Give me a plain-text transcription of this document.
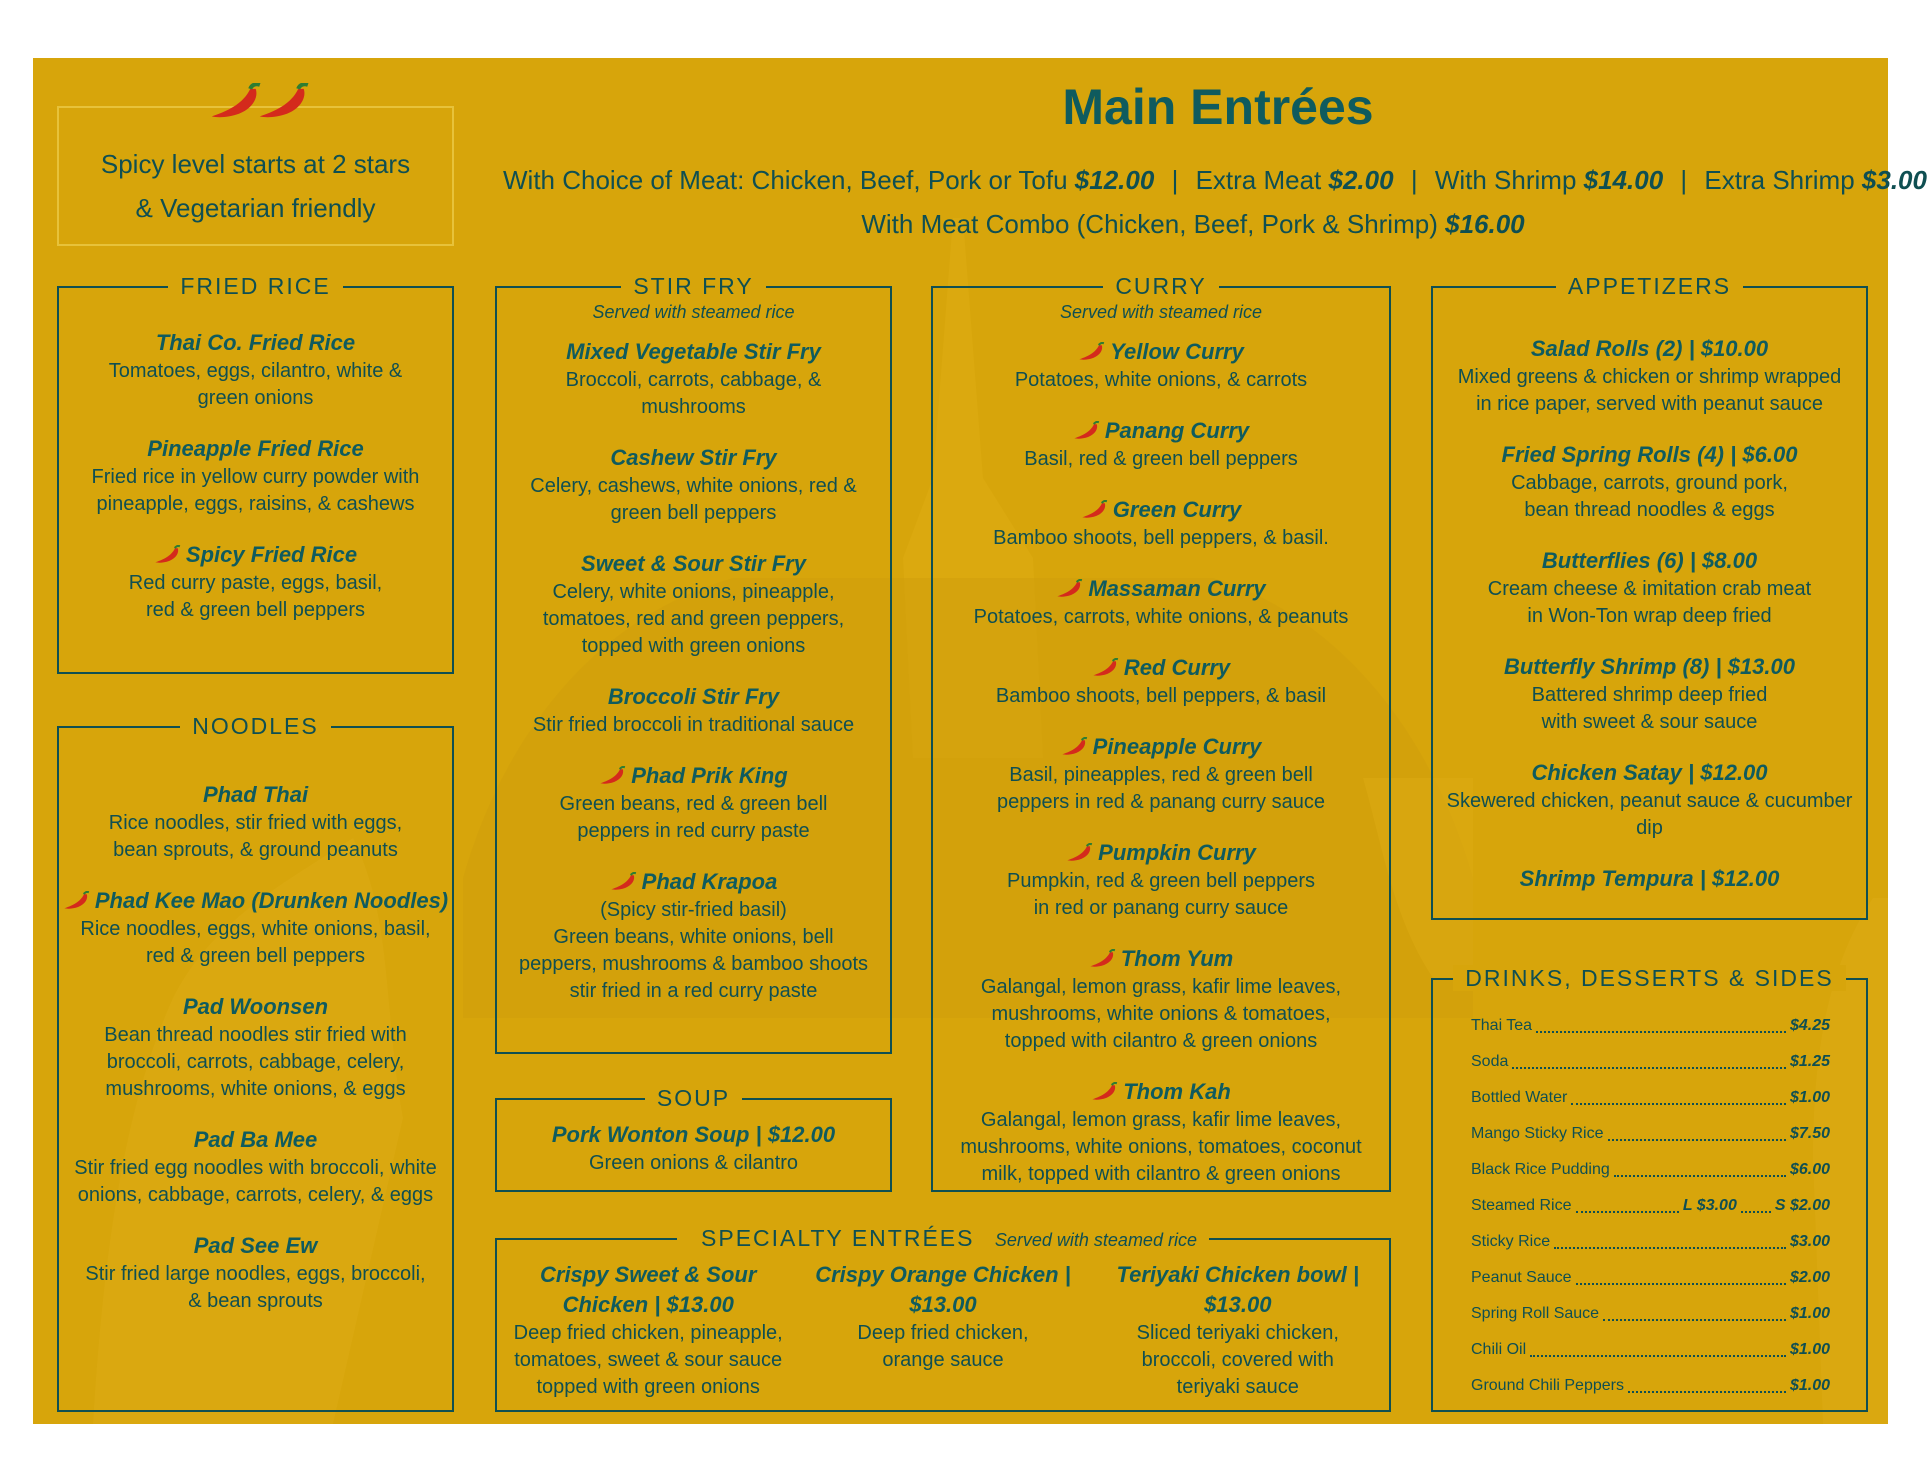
Spicy level starts at 2 stars
& Vegetarian friendly
Main Entrées
With Choice of Meat: Chicken, Beef, Pork or Tofu $12.00 | Extra Meat $2.00 | With Shrimp $14.00 | Extra Shrimp $3.00
With Meat Combo (Chicken, Beef, Pork & Shrimp) $16.00
FRIED RICE
Thai Co. Fried Rice
Tomatoes, eggs, cilantro, white &
green onions
Pineapple Fried Rice
Fried rice in yellow curry powder with
pineapple, eggs, raisins, & cashews
Spicy Fried Rice
Red curry paste, eggs, basil,
red & green bell peppers
NOODLES
Phad Thai
Rice noodles, stir fried with eggs,
bean sprouts, & ground peanuts
Phad Kee Mao (Drunken Noodles)
Rice noodles, eggs, white onions, basil,
red & green bell peppers
Pad Woonsen
Bean thread noodles stir fried with
broccoli, carrots, cabbage, celery,
mushrooms, white onions, & eggs
Pad Ba Mee
Stir fried egg noodles with broccoli, white
onions, cabbage, carrots, celery, & eggs
Pad See Ew
Stir fried large noodles, eggs, broccoli,
& bean sprouts
STIR FRY
Served with steamed rice
Mixed Vegetable Stir Fry
Broccoli, carrots, cabbage, &
mushrooms
Cashew Stir Fry
Celery, cashews, white onions, red &
green bell peppers
Sweet & Sour Stir Fry
Celery, white onions, pineapple,
tomatoes, red and green peppers,
topped with green onions
Broccoli Stir Fry
Stir fried broccoli in traditional sauce
Phad Prik King
Green beans, red & green bell
peppers in red curry paste
Phad Krapoa
(Spicy stir-fried basil)
Green beans, white onions, bell
peppers, mushrooms & bamboo shoots
stir fried in a red curry paste
SOUP
Pork Wonton Soup | $12.00
Green onions & cilantro
CURRY
Served with steamed rice
Yellow Curry
Potatoes, white onions, & carrots
Panang Curry
Basil, red & green bell peppers
Green Curry
Bamboo shoots, bell peppers, & basil.
Massaman Curry
Potatoes, carrots, white onions, & peanuts
Red Curry
Bamboo shoots, bell peppers, & basil
Pineapple Curry
Basil, pineapples, red & green bell
peppers in red & panang curry sauce
Pumpkin Curry
Pumpkin, red & green bell peppers
in red or panang curry sauce
Thom Yum
Galangal, lemon grass, kafir lime leaves,
mushrooms, white onions & tomatoes,
topped with cilantro & green onions
Thom Kah
Galangal, lemon grass, kafir lime leaves,
mushrooms, white onions, tomatoes, coconut
milk, topped with cilantro & green onions
SPECIALTY ENTRÉES Served with steamed rice
Crispy Sweet & Sour Chicken | $13.00
Deep fried chicken, pineapple,
tomatoes, sweet & sour sauce
topped with green onions
Crispy Orange Chicken | $13.00
Deep fried chicken,
orange sauce
Teriyaki Chicken bowl | $13.00
Sliced teriyaki chicken,
broccoli, covered with
teriyaki sauce
APPETIZERS
Salad Rolls (2) | $10.00
Mixed greens & chicken or shrimp wrapped
in rice paper, served with peanut sauce
Fried Spring Rolls (4) | $6.00
Cabbage, carrots, ground pork,
bean thread noodles & eggs
Butterflies (6) | $8.00
Cream cheese & imitation crab meat
in Won-Ton wrap deep fried
Butterfly Shrimp (8) | $13.00
Battered shrimp deep fried
with sweet & sour sauce
Chicken Satay | $12.00
Skewered chicken, peanut sauce & cucumber dip
Shrimp Tempura | $12.00
DRINKS, DESSERTS & SIDES
Thai Tea	$4.25
Soda	$1.25
Bottled Water	$1.00
Mango Sticky Rice	$7.50
Black Rice Pudding	$6.00
Steamed Rice	L $3.00 S $2.00
Sticky Rice	$3.00
Peanut Sauce	$2.00
Spring Roll Sauce	$1.00
Chili Oil	$1.00
Ground Chili Peppers	$1.00
